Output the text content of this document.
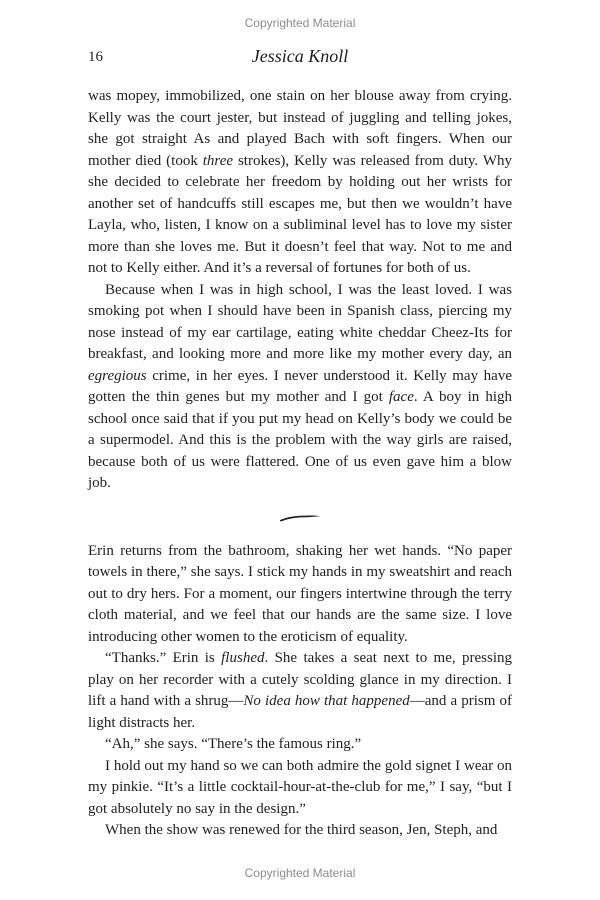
Copyrighted Material
16	Jessica Knoll

was mopey, immobilized, one stain on her blouse away from crying. Kelly was the court jester, but instead of juggling and telling jokes, she got straight As and played Bach with soft fingers. When our mother died (took three strokes), Kelly was released from duty. Why she decided to celebrate her freedom by holding out her wrists for another set of handcuffs still escapes me, but then we wouldn’t have Layla, who, listen, I know on a subliminal level has to love my sister more than she loves me. But it doesn’t feel that way. Not to me and not to Kelly either. And it’s a reversal of fortunes for both of us.

Because when I was in high school, I was the least loved. I was smoking pot when I should have been in Spanish class, piercing my nose instead of my ear cartilage, eating white cheddar Cheez-Its for breakfast, and looking more and more like my mother every day, an egregious crime, in her eyes. I never understood it. Kelly may have gotten the thin genes but my mother and I got face. A boy in high school once said that if you put my head on Kelly’s body we could be a supermodel. And this is the problem with the way girls are raised, because both of us were flattered. One of us even gave him a blow job.

Erin returns from the bathroom, shaking her wet hands. “No paper towels in there,” she says. I stick my hands in my sweatshirt and reach out to dry hers. For a moment, our fingers intertwine through the terry cloth material, and we feel that our hands are the same size. I love introducing other women to the eroticism of equality.

“Thanks.” Erin is flushed. She takes a seat next to me, pressing play on her recorder with a cutely scolding glance in my direction. I lift a hand with a shrug—No idea how that happened—and a prism of light distracts her.

“Ah,” she says. “There’s the famous ring.”

I hold out my hand so we can both admire the gold signet I wear on my pinkie. “It’s a little cocktail-hour-at-the-club for me,” I say, “but I got absolutely no say in the design.”

When the show was renewed for the third season, Jen, Steph, and

Copyrighted Material
